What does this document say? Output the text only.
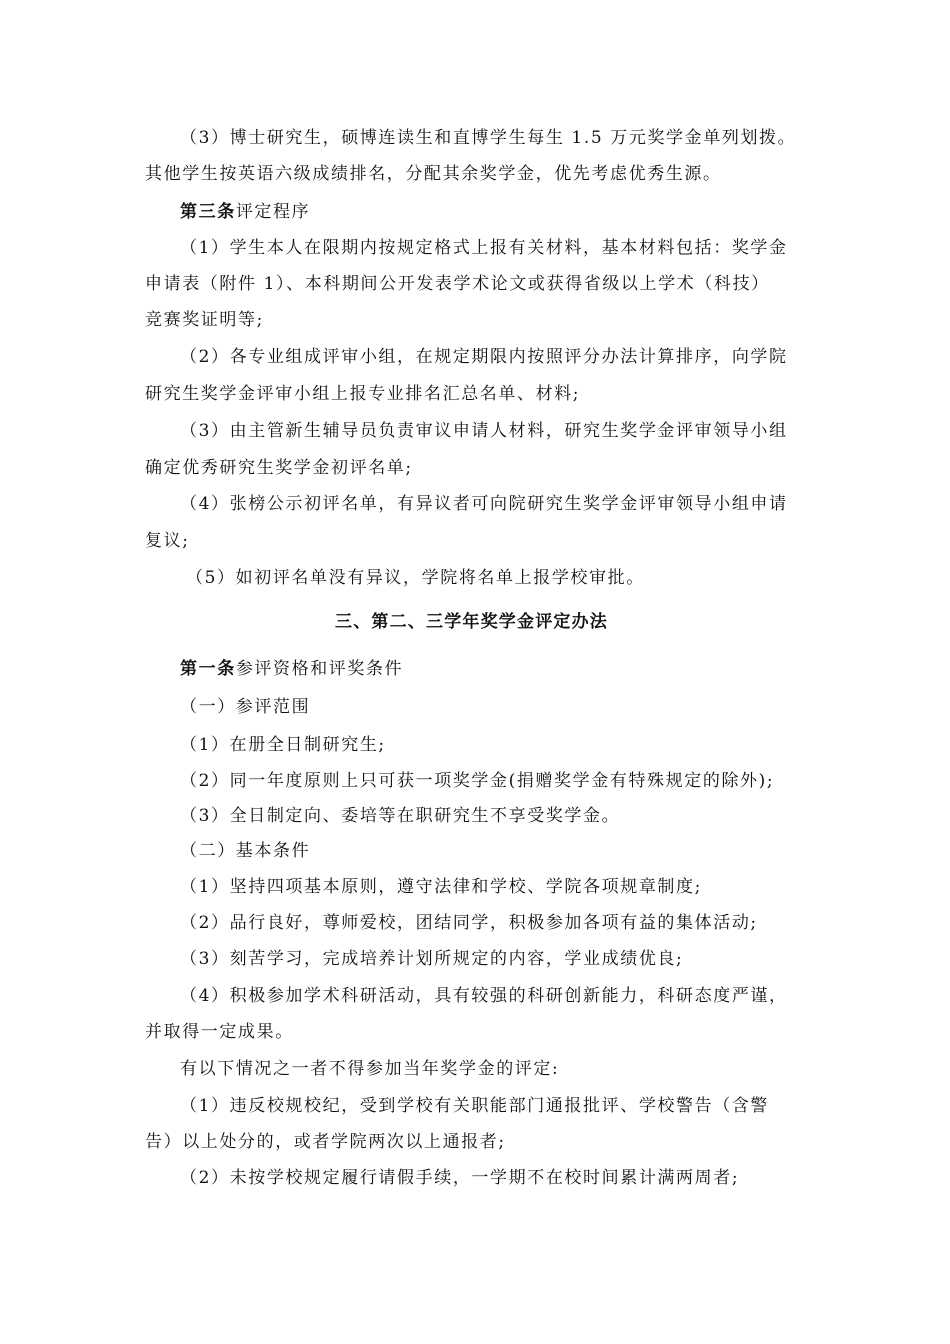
（3）博士研究生，硕博连读生和直博学生每生 1.5 万元奖学金单列划拨。
其他学生按英语六级成绩排名，分配其余奖学金，优先考虑优秀生源。
第三条评定程序
（1）学生本人在限期内按规定格式上报有关材料，基本材料包括：奖学金
申请表（附件 1）、本科期间公开发表学术论文或获得省级以上学术（科技）
竞赛奖证明等;
（2）各专业组成评审小组，在规定期限内按照评分办法计算排序，向学院
研究生奖学金评审小组上报专业排名汇总名单、材料;
（3）由主管新生辅导员负责审议申请人材料，研究生奖学金评审领导小组
确定优秀研究生奖学金初评名单;
（4）张榜公示初评名单，有异议者可向院研究生奖学金评审领导小组申请
复议;
（5）如初评名单没有异议，学院将名单上报学校审批。
三、第二、三学年奖学金评定办法
第一条参评资格和评奖条件
（一）参评范围
（1）在册全日制研究生;
（2）同一年度原则上只可获一项奖学金(捐赠奖学金有特殊规定的除外);
（3）全日制定向、委培等在职研究生不享受奖学金。
（二）基本条件
（1）坚持四项基本原则，遵守法律和学校、学院各项规章制度;
（2）品行良好，尊师爱校，团结同学，积极参加各项有益的集体活动;
（3）刻苦学习，完成培养计划所规定的内容，学业成绩优良;
（4）积极参加学术科研活动，具有较强的科研创新能力，科研态度严谨，
并取得一定成果。
有以下情况之一者不得参加当年奖学金的评定:
（1）违反校规校纪，受到学校有关职能部门通报批评、学校警告（含警
告）以上处分的，或者学院两次以上通报者;
（2）未按学校规定履行请假手续，一学期不在校时间累计满两周者;
